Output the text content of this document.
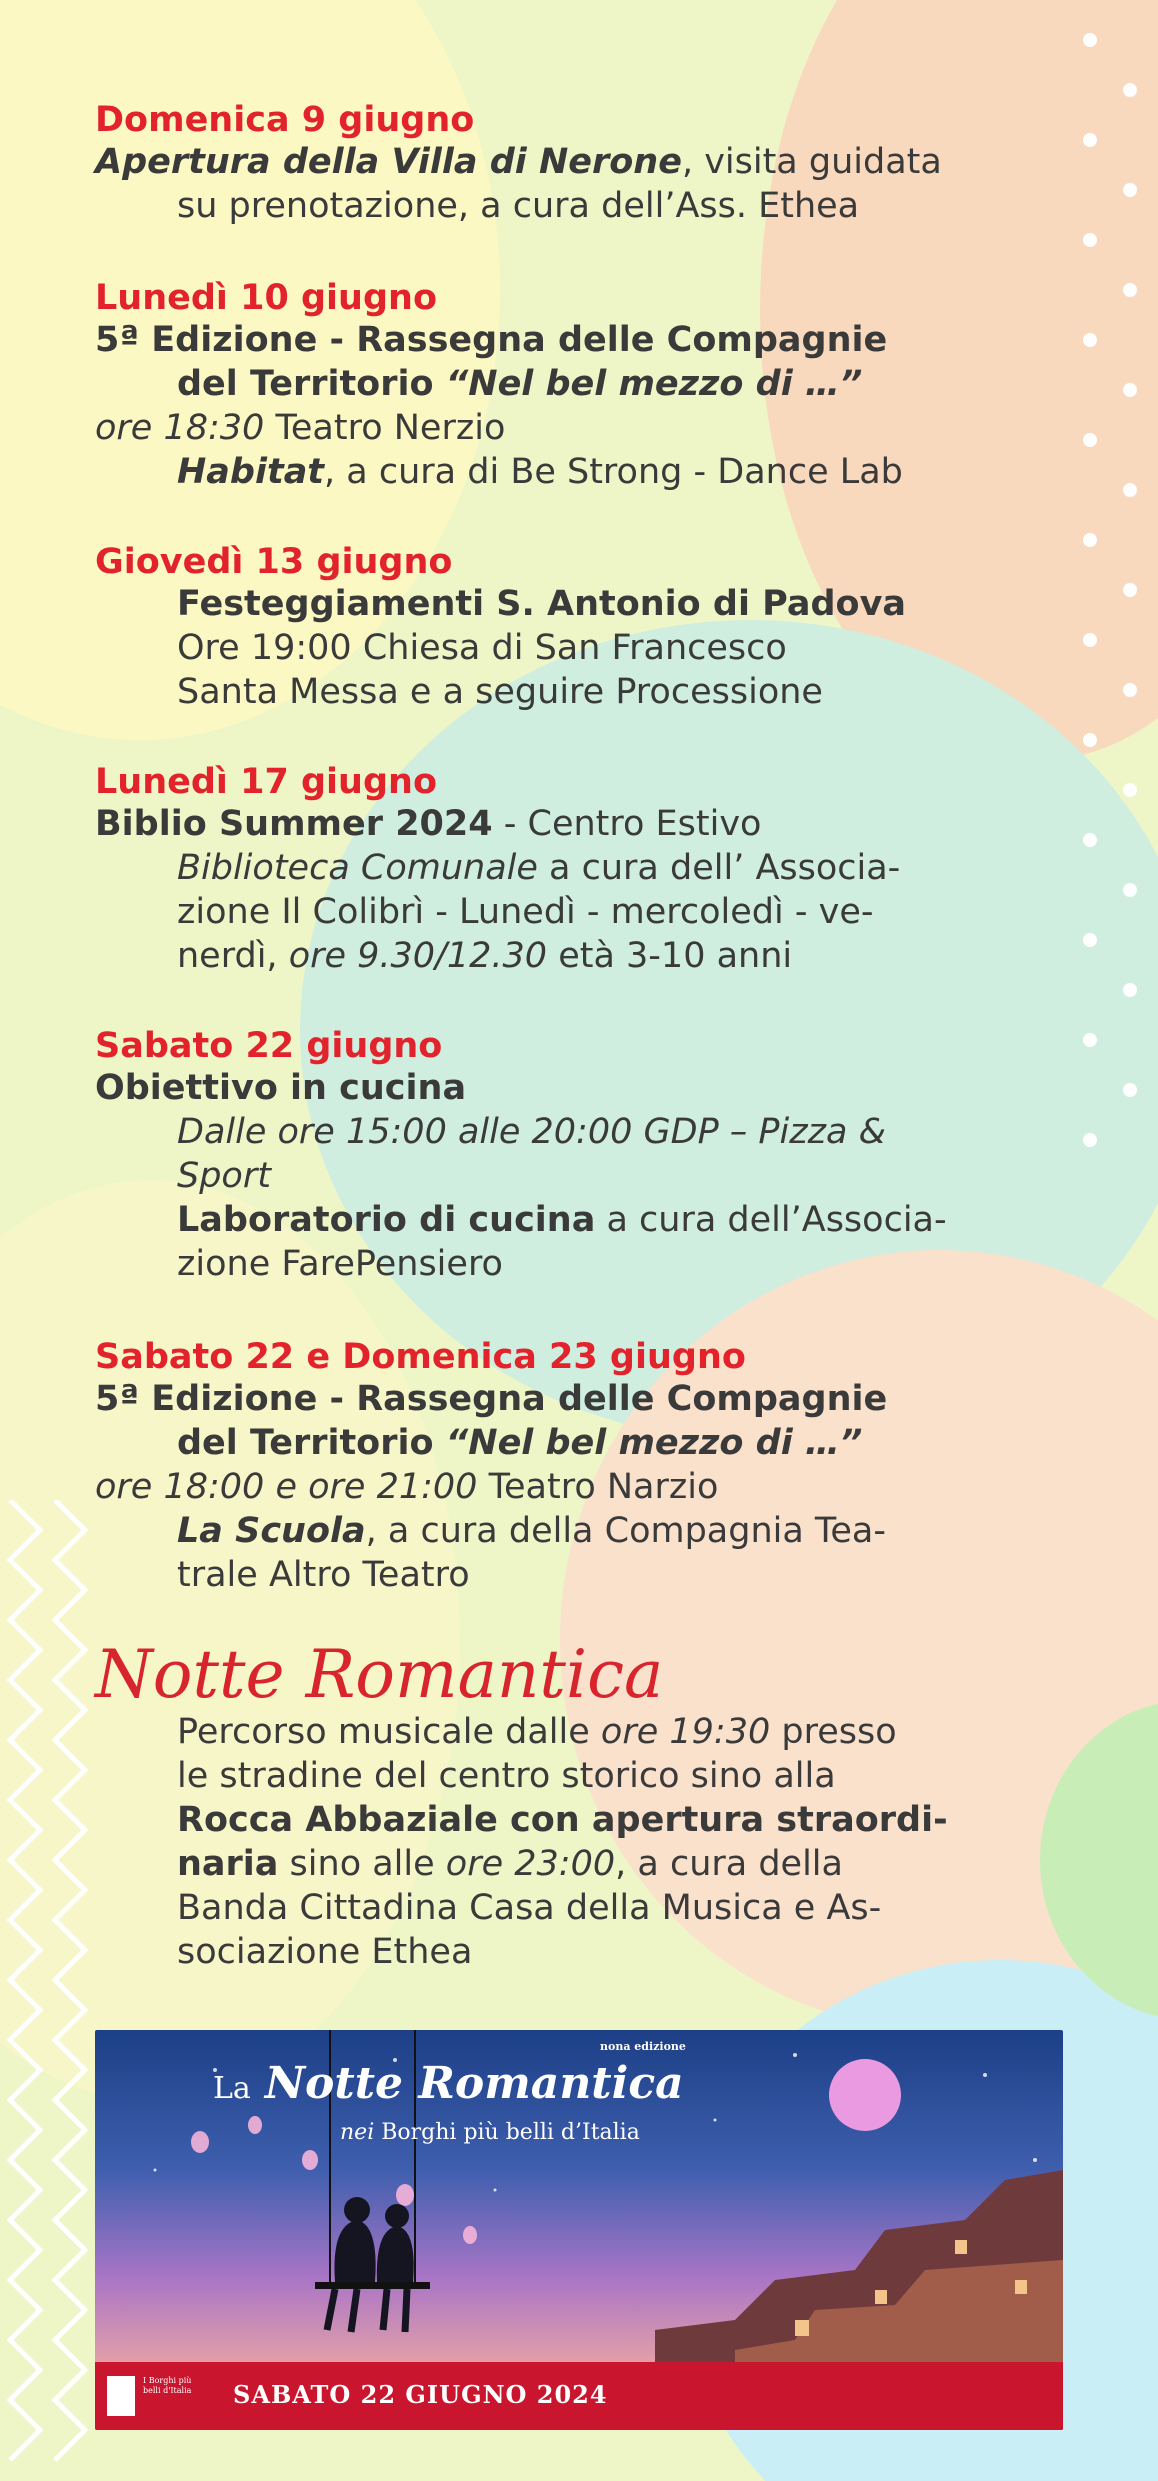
Domenica 9 giugno
Apertura della Villa di Nerone, visita guidata
su prenotazione, a cura dell’Ass. Ethea
Lunedì 10 giugno
5ª Edizione - Rassegna delle Compagnie
del Territorio “Nel bel mezzo di …”
ore 18:30 Teatro Nerzio
Habitat, a cura di Be Strong - Dance Lab
Giovedì 13 giugno
Festeggiamenti S. Antonio di Padova
Ore 19:00 Chiesa di San Francesco
Santa Messa e a seguire Processione
Lunedì 17 giugno
Biblio Summer 2024 - Centro Estivo
Biblioteca Comunale a cura dell’ Associa-
zione Il Colibrì - Lunedì - mercoledì - ve-
nerdì, ore 9.30/12.30 età 3-10 anni
Sabato 22 giugno
Obiettivo in cucina
Dalle ore 15:00 alle 20:00 GDP – Pizza &
Sport
Laboratorio di cucina a cura dell’Associa-
zione FarePensiero
Sabato 22 e Domenica 23 giugno
5ª Edizione - Rassegna delle Compagnie
del Territorio “Nel bel mezzo di …”
ore 18:00 e ore 21:00 Teatro Narzio
La Scuola, a cura della Compagnia Tea-
trale Altro Teatro
Notte Romantica
Percorso musicale dalle ore 19:30 presso
le stradine del centro storico sino alla
Rocca Abbaziale con apertura straordi-
naria sino alle ore 23:00, a cura della
Banda Cittadina Casa della Musica e As-
sociazione Ethea
nona edizione
La Notte Romantica
nei Borghi più belli d’Italia
I Borghi più belli d'Italia SABATO 22 GIUGNO 2024
